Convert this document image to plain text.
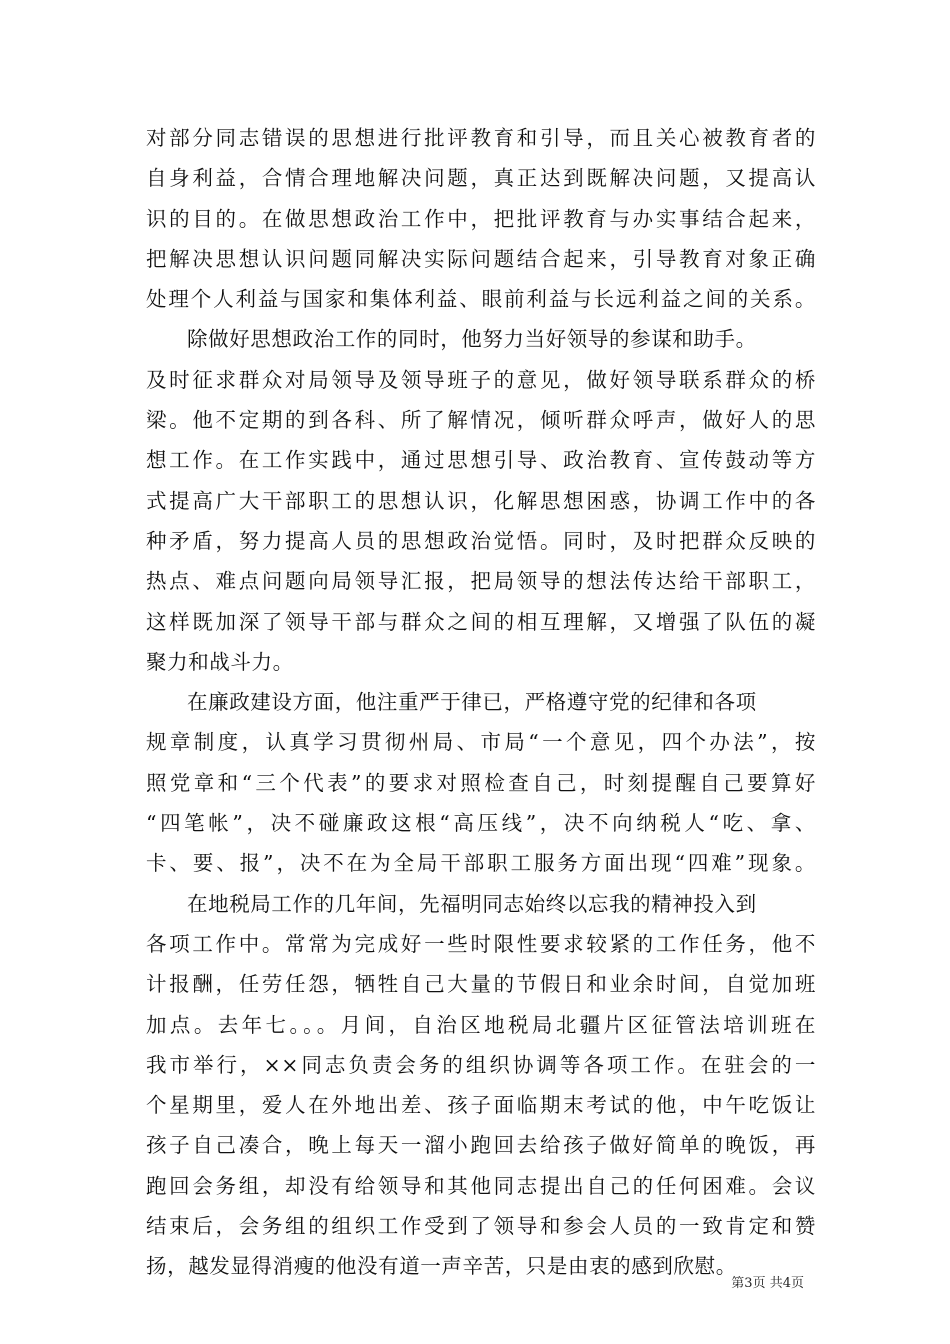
对部分同志错误的思想进行批评教育和引导，而且关心被教育者的
自身利益，合情合理地解决问题，真正达到既解决问题，又提高认
识的目的。在做思想政治工作中，把批评教育与办实事结合起来，
把解决思想认识问题同解决实际问题结合起来，引导教育对象正确
处理个人利益与国家和集体利益、眼前利益与长远利益之间的关系。
除做好思想政治工作的同时，他努力当好领导的参谋和助手。
及时征求群众对局领导及领导班子的意见，做好领导联系群众的桥
梁。他不定期的到各科、所了解情况，倾听群众呼声，做好人的思
想工作。在工作实践中，通过思想引导、政治教育、宣传鼓动等方
式提高广大干部职工的思想认识，化解思想困惑，协调工作中的各
种矛盾，努力提高人员的思想政治觉悟。同时，及时把群众反映的
热点、难点问题向局领导汇报，把局领导的想法传达给干部职工，
这样既加深了领导干部与群众之间的相互理解，又增强了队伍的凝
聚力和战斗力。
在廉政建设方面，他注重严于律已，严格遵守党的纪律和各项
规章制度，认真学习贯彻州局、市局“一个意见，四个办法”，按
照党章和“三个代表”的要求对照检查自己，时刻提醒自己要算好
“四笔帐”，决不碰廉政这根“高压线”，决不向纳税人“吃、拿、
卡、要、报”，决不在为全局干部职工服务方面出现“四难”现象。
在地税局工作的几年间，先福明同志始终以忘我的精神投入到
各项工作中。常常为完成好一些时限性要求较紧的工作任务，他不
计报酬，任劳任怨，牺牲自己大量的节假日和业余时间，自觉加班
加点。去年七。。。月间，自治区地税局北疆片区征管法培训班在
我市举行，××同志负责会务的组织协调等各项工作。在驻会的一
个星期里，爱人在外地出差、孩子面临期末考试的他，中午吃饭让
孩子自己凑合，晚上每天一溜小跑回去给孩子做好简单的晚饭，再
跑回会务组，却没有给领导和其他同志提出自己的任何困难。会议
结束后，会务组的组织工作受到了领导和参会人员的一致肯定和赞
扬，越发显得消瘦的他没有道一声辛苦，只是由衷的感到欣慰。
第3页 共4页
